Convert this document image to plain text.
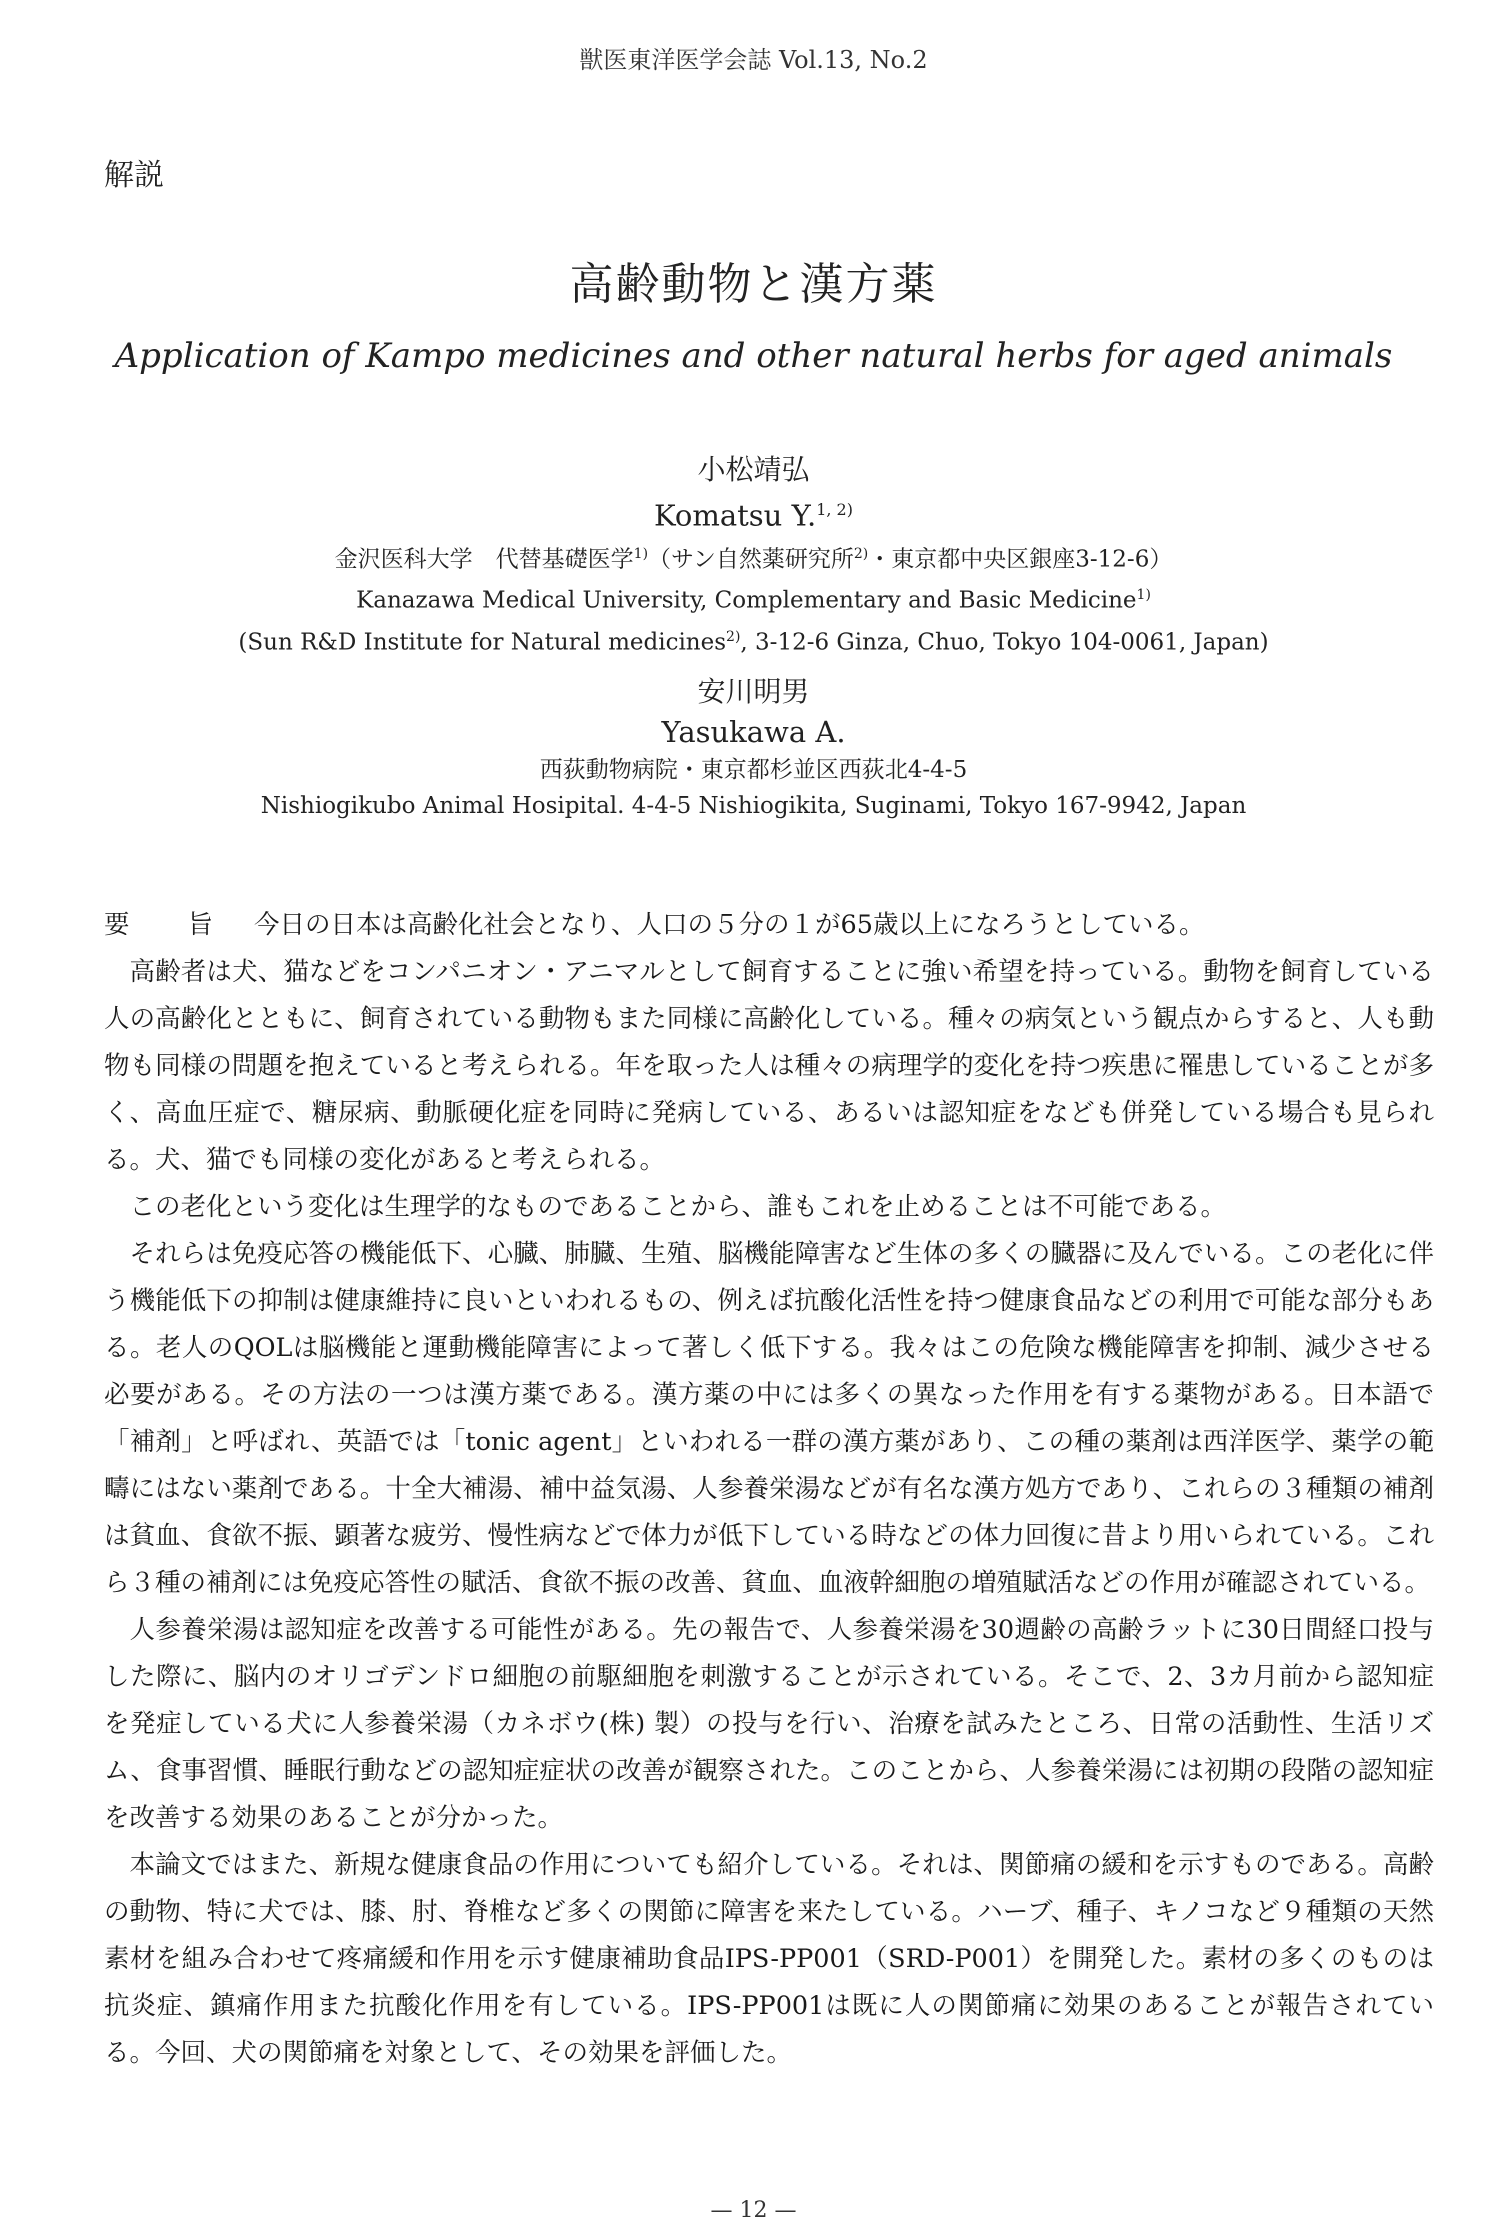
獣医東洋医学会誌 Vol.13, No.2
解説
高齢動物と漢方薬
Application of Kampo medicines and other natural herbs for aged animals
小松靖弘
Komatsu Y.$^{1, 2)}$
金沢医科大学　代替基礎医学$^{1)}$（サン自然薬研究所$^{2)}$・東京都中央区銀座3-12-6）
Kanazawa Medical University, Complementary and Basic Medicine$^{1)}$
(Sun R&D Institute for Natural medicines$^{2)}$, 3-12-6 Ginza, Chuo, Tokyo 104-0061, Japan)
安川明男
Yasukawa A.
西荻動物病院・東京都杉並区西荻北4-4-5
Nishiogikubo Animal Hosipital. 4-4-5 Nishiogikita, Suginami, Tokyo 167-9942, Japan

要 旨 今日の日本は高齢化社会となり、人口の５分の１が65歳以上になろうとしている。

高齢者は犬、猫などをコンパニオン・アニマルとして飼育することに強い希望を持っている。動物を飼育している人の高齢化とともに、飼育されている動物もまた同様に高齢化している。種々の病気という観点からすると、人も動物も同様の問題を抱えていると考えられる。年を取った人は種々の病理学的変化を持つ疾患に罹患していることが多く、高血圧症で、糖尿病、動脈硬化症を同時に発病している、あるいは認知症をなども併発している場合も見られる。犬、猫でも同様の変化があると考えられる。

この老化という変化は生理学的なものであることから、誰もこれを止めることは不可能である。

それらは免疫応答の機能低下、心臓、肺臓、生殖、脳機能障害など生体の多くの臓器に及んでいる。この老化に伴う機能低下の抑制は健康維持に良いといわれるもの、例えば抗酸化活性を持つ健康食品などの利用で可能な部分もある。老人のQOLは脳機能と運動機能障害によって著しく低下する。我々はこの危険な機能障害を抑制、減少させる必要がある。その方法の一つは漢方薬である。漢方薬の中には多くの異なった作用を有する薬物がある。日本語で「補剤」と呼ばれ、英語では「tonic agent」といわれる一群の漢方薬があり、この種の薬剤は西洋医学、薬学の範疇にはない薬剤である。十全大補湯、補中益気湯、人参養栄湯などが有名な漢方処方であり、これらの３種類の補剤は貧血、食欲不振、顕著な疲労、慢性病などで体力が低下している時などの体力回復に昔より用いられている。これら３種の補剤には免疫応答性の賦活、食欲不振の改善、貧血、血液幹細胞の増殖賦活などの作用が確認されている。

人参養栄湯は認知症を改善する可能性がある。先の報告で、人参養栄湯を30週齢の高齢ラットに30日間経口投与した際に、脳内のオリゴデンドロ細胞の前駆細胞を刺激することが示されている。そこで、2、3カ月前から認知症を発症している犬に人参養栄湯（カネボウ(株) 製）の投与を行い、治療を試みたところ、日常の活動性、生活リズム、食事習慣、睡眠行動などの認知症症状の改善が観察された。このことから、人参養栄湯には初期の段階の認知症を改善する効果のあることが分かった。

本論文ではまた、新規な健康食品の作用についても紹介している。それは、関節痛の緩和を示すものである。高齢の動物、特に犬では、膝、肘、脊椎など多くの関節に障害を来たしている。ハーブ、種子、キノコなど９種類の天然素材を組み合わせて疼痛緩和作用を示す健康補助食品IPS-PP001（SRD-P001）を開発した。素材の多くのものは抗炎症、鎮痛作用また抗酸化作用を有している。IPS-PP001は既に人の関節痛に効果のあることが報告されている。今回、犬の関節痛を対象として、その効果を評価した。

— 12 —
